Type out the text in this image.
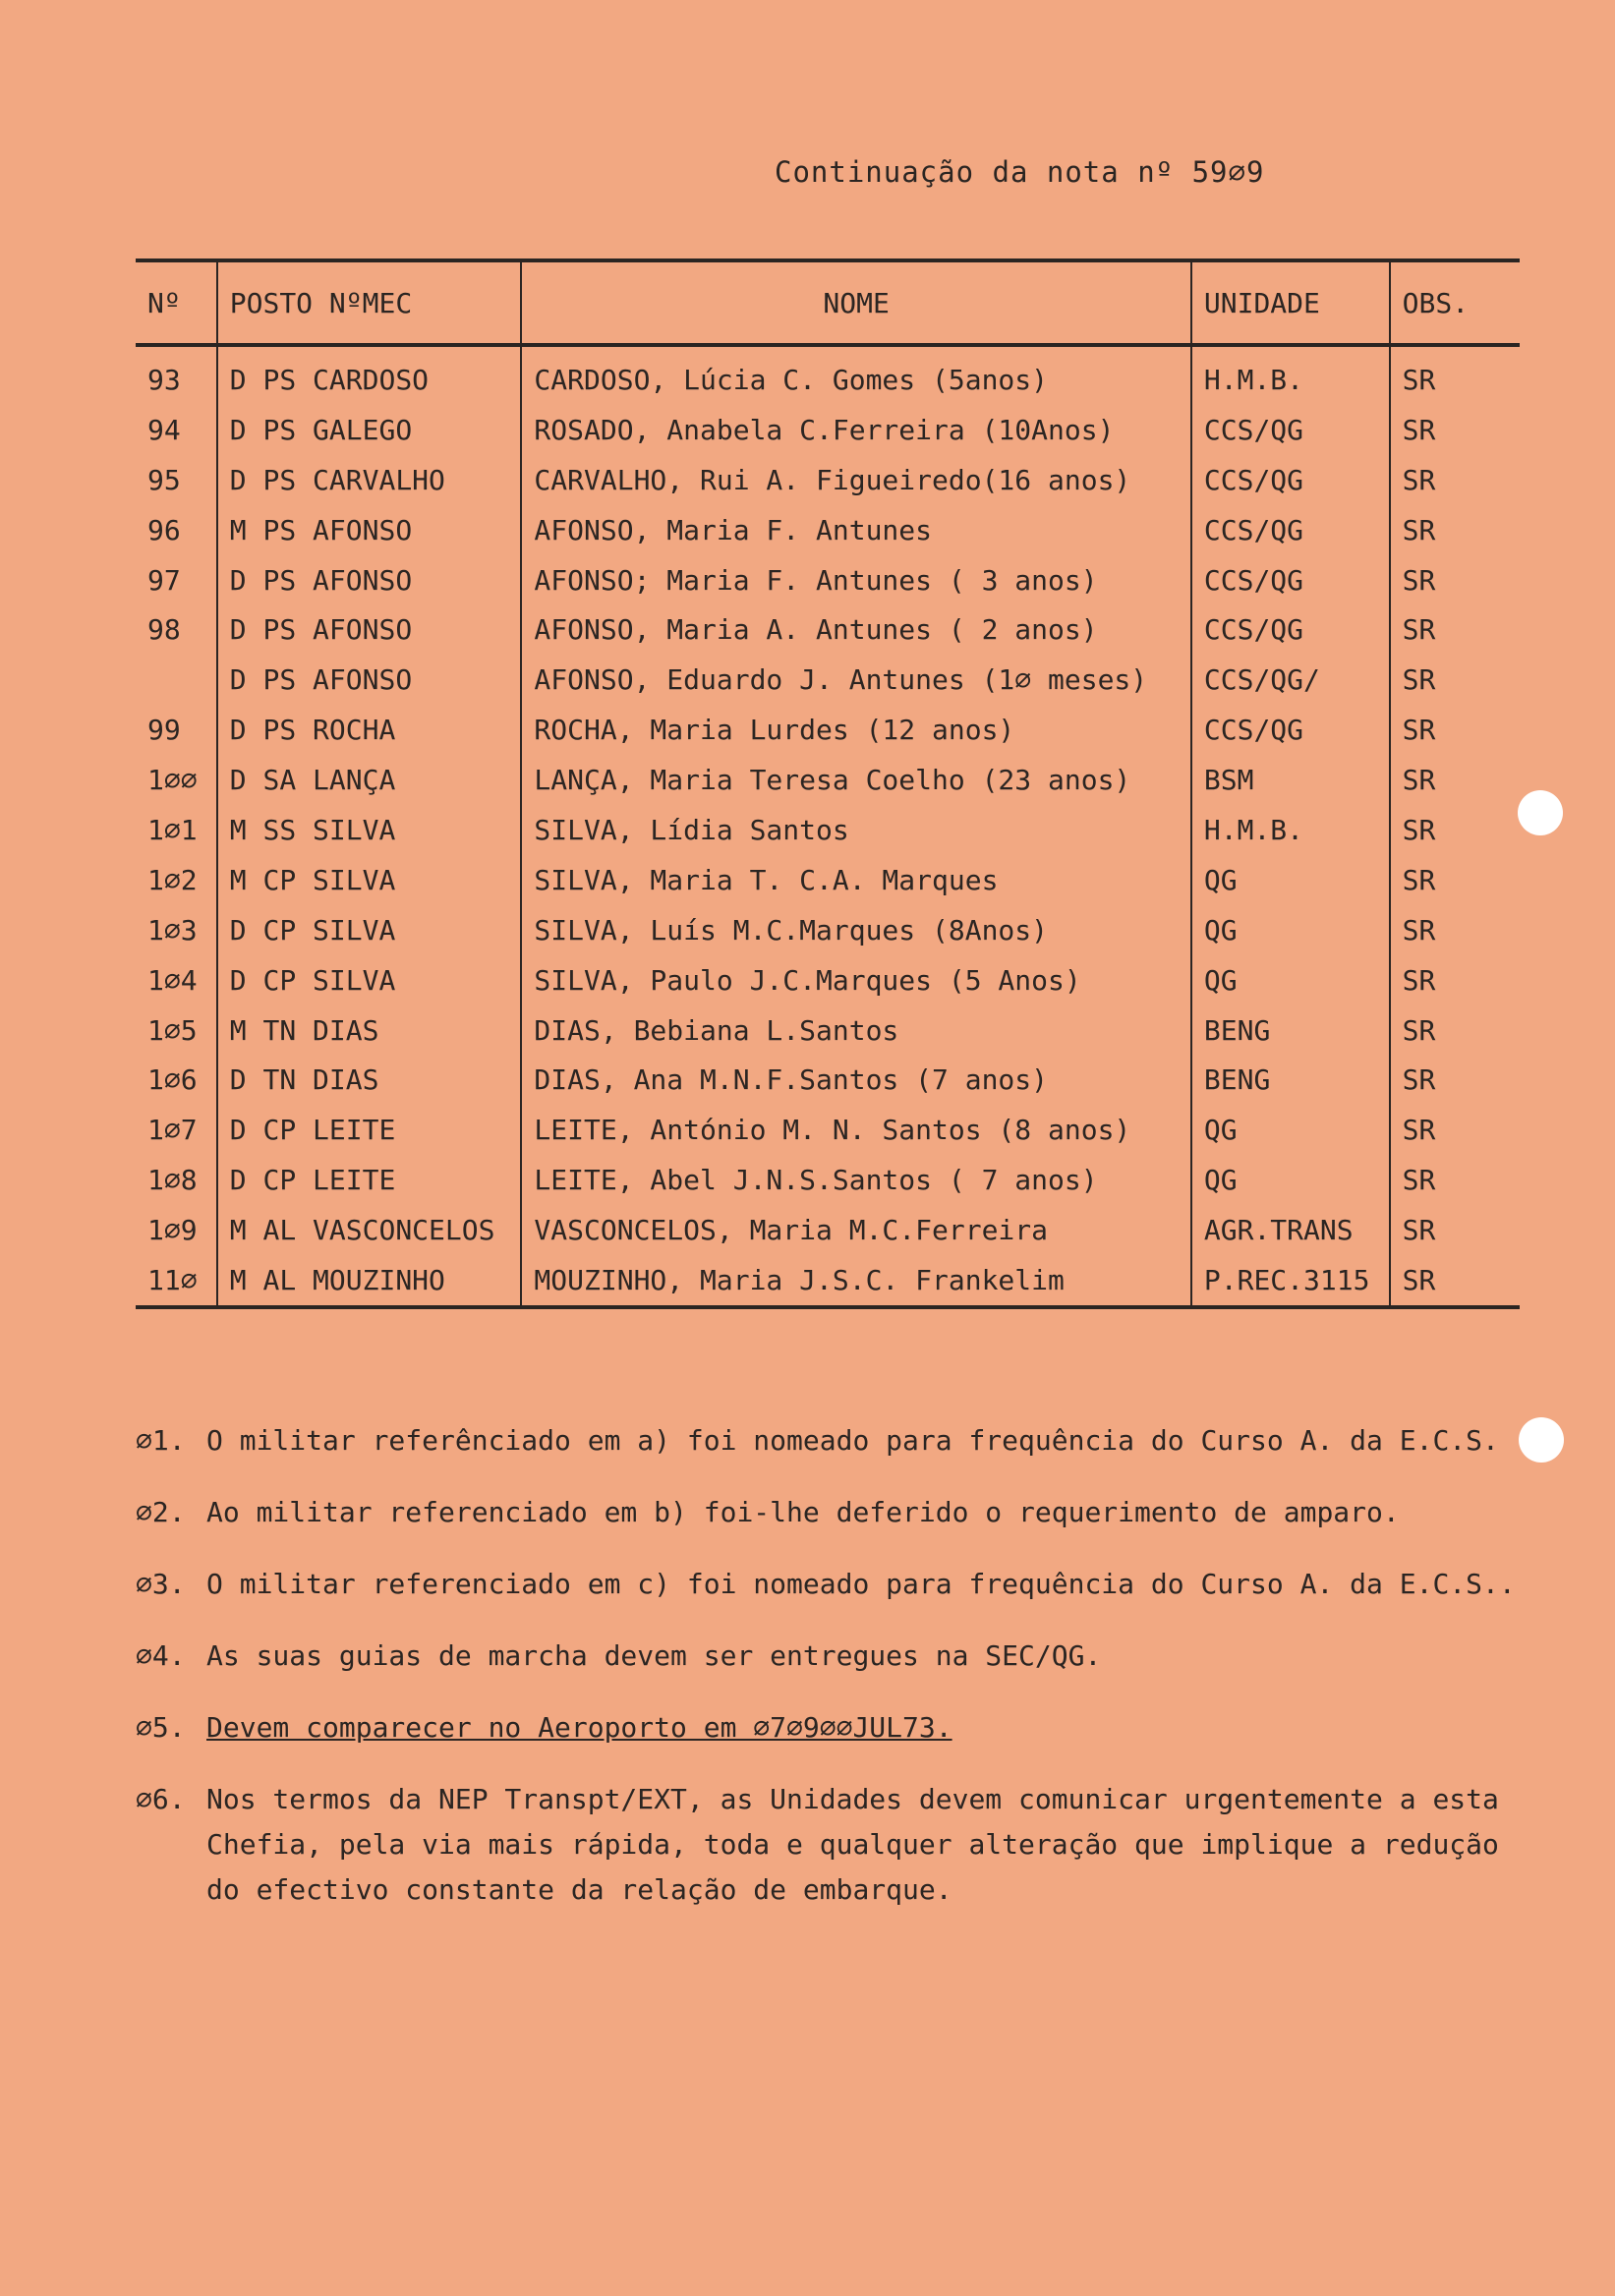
Continuação da nota nº 59∅9
Nº	POSTO NºMEC	NOME	UNIDADE	OBS.
93	D PS CARDOSO	CARDOSO, Lúcia C. Gomes (5anos)	H.M.B.	SR
94	D PS GALEGO	ROSADO, Anabela C.Ferreira (10Anos)	CCS/QG	SR
95	D PS CARVALHO	CARVALHO, Rui A. Figueiredo(16 anos)	CCS/QG	SR
96	M PS AFONSO	AFONSO, Maria F. Antunes	CCS/QG	SR
97	D PS AFONSO	AFONSO; Maria F. Antunes ( 3 anos)	CCS/QG	SR
98	D PS AFONSO	AFONSO, Maria A. Antunes ( 2 anos)	CCS/QG	SR
	D PS AFONSO	AFONSO, Eduardo J. Antunes (1∅ meses)	CCS/QG/	SR
99	D PS ROCHA	ROCHA, Maria Lurdes (12 anos)	CCS/QG	SR
1∅∅	D SA LANÇA	LANÇA, Maria Teresa Coelho (23 anos)	BSM	SR
1∅1	M SS SILVA	SILVA, Lídia Santos	H.M.B.	SR
1∅2	M CP SILVA	SILVA, Maria T. C.A. Marques	QG	SR
1∅3	D CP SILVA	SILVA, Luís M.C.Marques (8Anos)	QG	SR
1∅4	D CP SILVA	SILVA, Paulo J.C.Marques (5 Anos)	QG	SR
1∅5	M TN DIAS	DIAS, Bebiana L.Santos	BENG	SR
1∅6	D TN DIAS	DIAS, Ana M.N.F.Santos (7 anos)	BENG	SR
1∅7	D CP LEITE	LEITE, António M. N. Santos (8 anos)	QG	SR
1∅8	D CP LEITE	LEITE, Abel J.N.S.Santos ( 7 anos)	QG	SR
1∅9	M AL VASCONCELOS	VASCONCELOS, Maria M.C.Ferreira	AGR.TRANS	SR
11∅	M AL MOUZINHO	MOUZINHO, Maria J.S.C. Frankelim	P.REC.3115	SR
∅1. O militar referênciado em a) foi nomeado para frequência do Curso A. da E.C.S.
∅2. Ao militar referenciado em b) foi-lhe deferido o requerimento de amparo.
∅3. O militar referenciado em c) foi nomeado para frequência do Curso A. da E.C.S..
∅4. As suas guias de marcha devem ser entregues na SEC/QG.
∅5. Devem comparecer no Aeroporto em ∅7∅9∅∅JUL73.
∅6. Nos termos da NEP Transpt/EXT, as Unidades devem comunicar urgentemente a esta Chefia, pela via mais rápida, toda e qualquer alteração que implique a redução do efectivo constante da relação de embarque.
